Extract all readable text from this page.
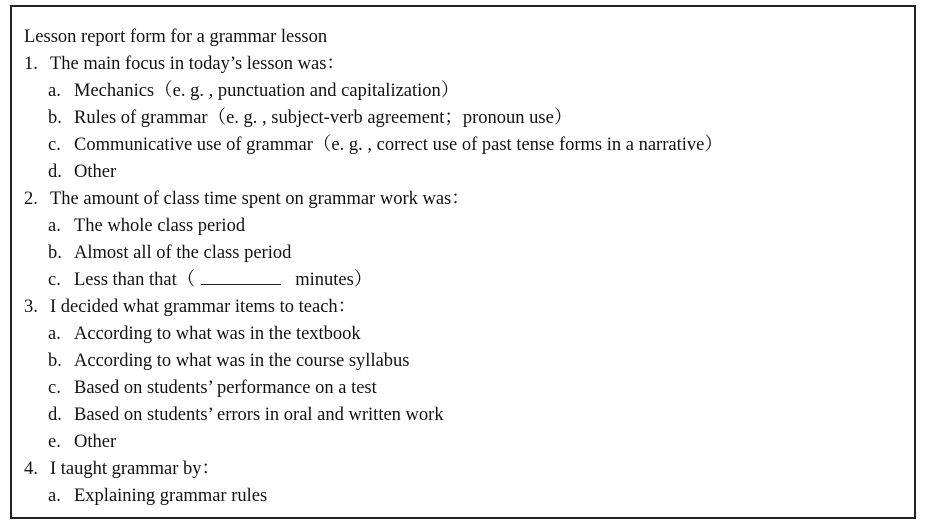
Lesson report form for a grammar lesson
1. The main focus in today’s lesson was：
a. Mechanics（e. g. , punctuation and capitalization）
b. Rules of grammar（e. g. , subject-verb agreement；pronoun use）
c. Communicative use of grammar（e. g. , correct use of past tense forms in a narrative）
d. Other
2. The amount of class time spent on grammar work was：
a. The whole class period
b. Almost all of the class period
c. Less than that（	minutes）
3. I decided what grammar items to teach：
a. According to what was in the textbook
b. According to what was in the course syllabus
c. Based on students’ performance on a test
d. Based on students’ errors in oral and written work
e. Other
4. I taught grammar by：
a. Explaining grammar rules
